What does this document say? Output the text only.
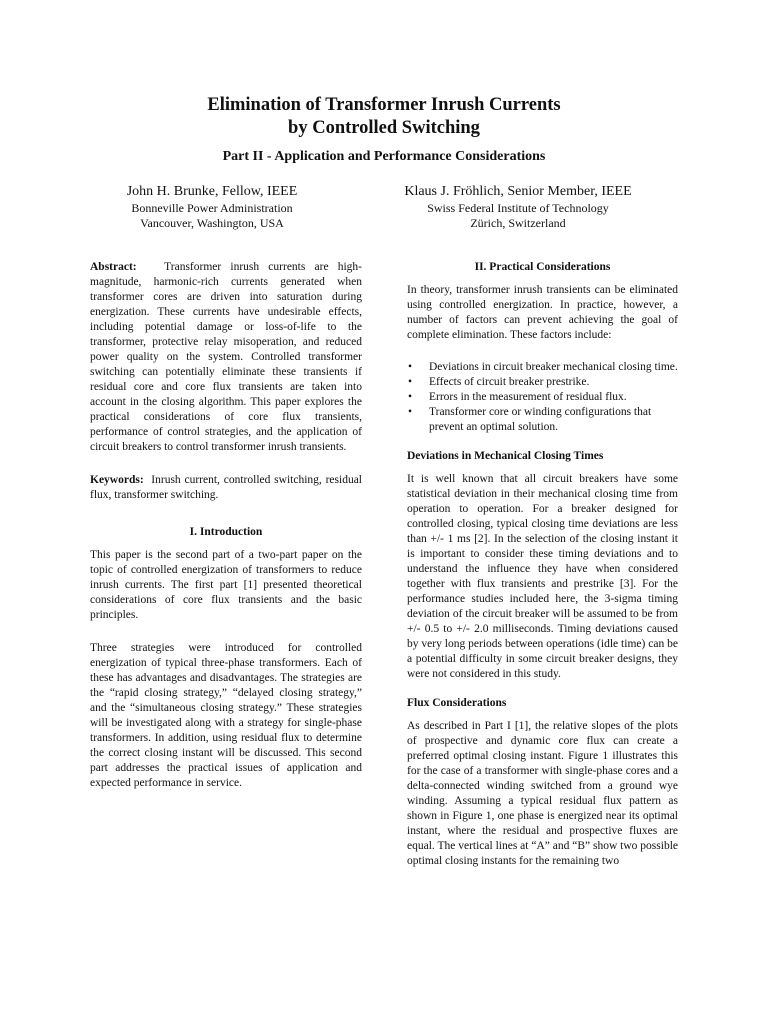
Elimination of Transformer Inrush Currents
by Controlled Switching
Part II - Application and Performance Considerations
John H. Brunke, Fellow, IEEE
Bonneville Power Administration
Vancouver, Washington, USA
Klaus J. Fröhlich, Senior Member, IEEE
Swiss Federal Institute of Technology
Zürich, Switzerland

Abstract: Transformer inrush currents are high-magnitude, harmonic-rich currents generated when transformer cores are driven into saturation during energization. These currents have undesirable effects, including potential damage or loss-of-life to the transformer, protective relay misoperation, and reduced power quality on the system. Controlled transformer switching can potentially eliminate these transients if residual core and core flux transients are taken into account in the closing algorithm. This paper explores the practical considerations of core flux transients, performance of control strategies, and the application of circuit breakers to control transformer inrush transients.

Keywords: Inrush current, controlled switching, residual flux, transformer switching.

I. Introduction

This paper is the second part of a two-part paper on the topic of controlled energization of transformers to reduce inrush currents. The first part [1] presented theoretical considerations of core flux transients and the basic principles.

Three strategies were introduced for controlled energization of typical three-phase transformers. Each of these has advantages and disadvantages. The strategies are the “rapid closing strategy,” “delayed closing strategy,” and the “simultaneous closing strategy.” These strategies will be investigated along with a strategy for single-phase transformers. In addition, using residual flux to determine the correct closing instant will be discussed. This second part addresses the practical issues of application and expected performance in service.

II. Practical Considerations

In theory, transformer inrush transients can be eliminated using controlled energization. In practice, however, a number of factors can prevent achieving the goal of complete elimination. These factors include:

• Deviations in circuit breaker mechanical closing time.
• Effects of circuit breaker prestrike.
• Errors in the measurement of residual flux.
• Transformer core or winding configurations that prevent an optimal solution.

Deviations in Mechanical Closing Times

It is well known that all circuit breakers have some statistical deviation in their mechanical closing time from operation to operation. For a breaker designed for controlled closing, typical closing time deviations are less than +/- 1 ms [2]. In the selection of the closing instant it is important to consider these timing deviations and to understand the influence they have when considered together with flux transients and prestrike [3]. For the performance studies included here, the 3-sigma timing deviation of the circuit breaker will be assumed to be from +/- 0.5 to +/- 2.0 milliseconds. Timing deviations caused by very long periods between operations (idle time) can be a potential difficulty in some circuit breaker designs, they were not considered in this study.

Flux Considerations

As described in Part I [1], the relative slopes of the plots of prospective and dynamic core flux can create a preferred optimal closing instant. Figure 1 illustrates this for the case of a transformer with single-phase cores and a delta-connected winding switched from a ground wye winding. Assuming a typical residual flux pattern as shown in Figure 1, one phase is energized near its optimal instant, where the residual and prospective fluxes are equal. The vertical lines at “A” and “B” show two possible optimal closing instants for the remaining two
